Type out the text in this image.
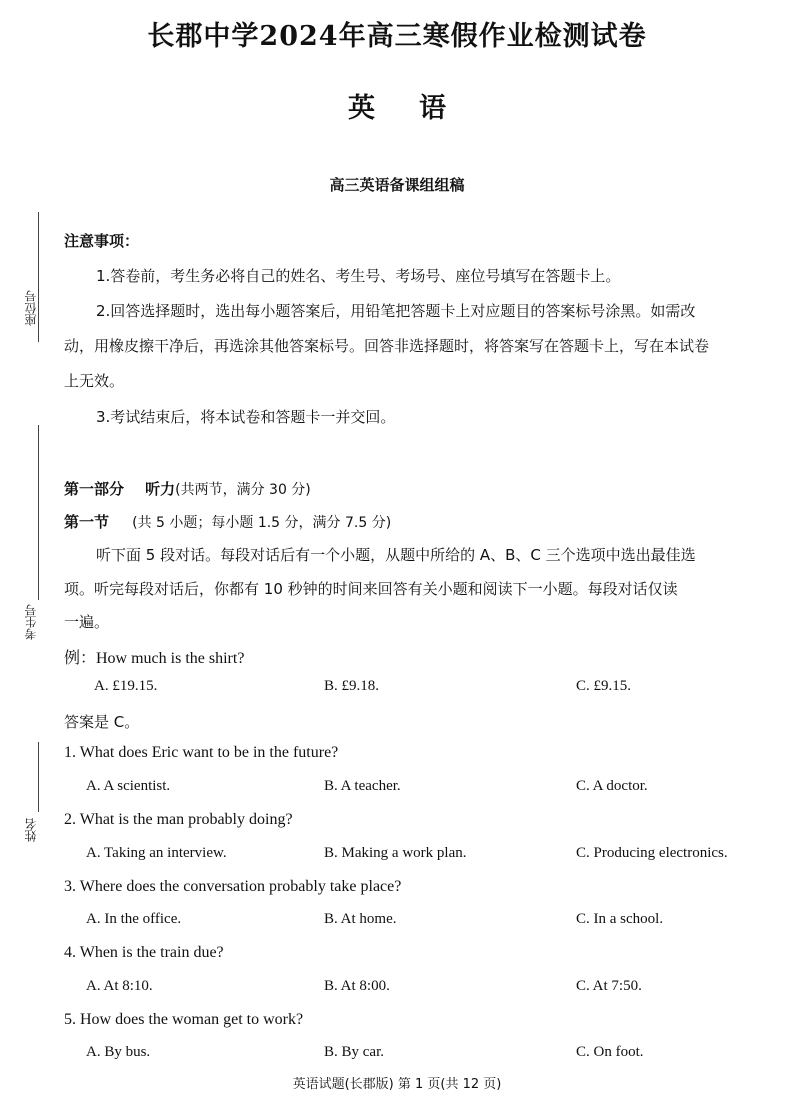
长郡中学2024年高三寒假作业检测试卷
英语
高三英语备课组组稿
座位号
考生号
姓名
注意事项：
1.答卷前，考生务必将自己的姓名、考生号、考场号、座位号填写在答题卡上。
2.回答选择题时，选出每小题答案后，用铅笔把答题卡上对应题目的答案标号涂黑。如需改
动，用橡皮擦干净后，再选涂其他答案标号。回答非选择题时，将答案写在答题卡上，写在本试卷
上无效。
3.考试结束后，将本试卷和答题卡一并交回。
第一部分 听力(共两节，满分 30 分)
第一节 (共 5 小题；每小题 1.5 分，满分 7.5 分)
听下面 5 段对话。每段对话后有一个小题，从题中所给的 A、B、C 三个选项中选出最佳选
项。听完每段对话后，你都有 10 秒钟的时间来回答有关小题和阅读下一小题。每段对话仅读
一遍。
例：How much is the shirt?
A. £19.15.	B. £9.18.	C. £9.15.
答案是 C。
1. What does Eric want to be in the future?
A. A scientist.	B. A teacher.	C. A doctor.
2. What is the man probably doing?
A. Taking an interview.	B. Making a work plan.	C. Producing electronics.
3. Where does the conversation probably take place?
A. In the office.	B. At home.	C. In a school.
4. When is the train due?
A. At 8:10.	B. At 8:00.	C. At 7:50.
5. How does the woman get to work?
A. By bus.	B. By car.	C. On foot.
英语试题(长郡版) 第 1 页(共 12 页)
